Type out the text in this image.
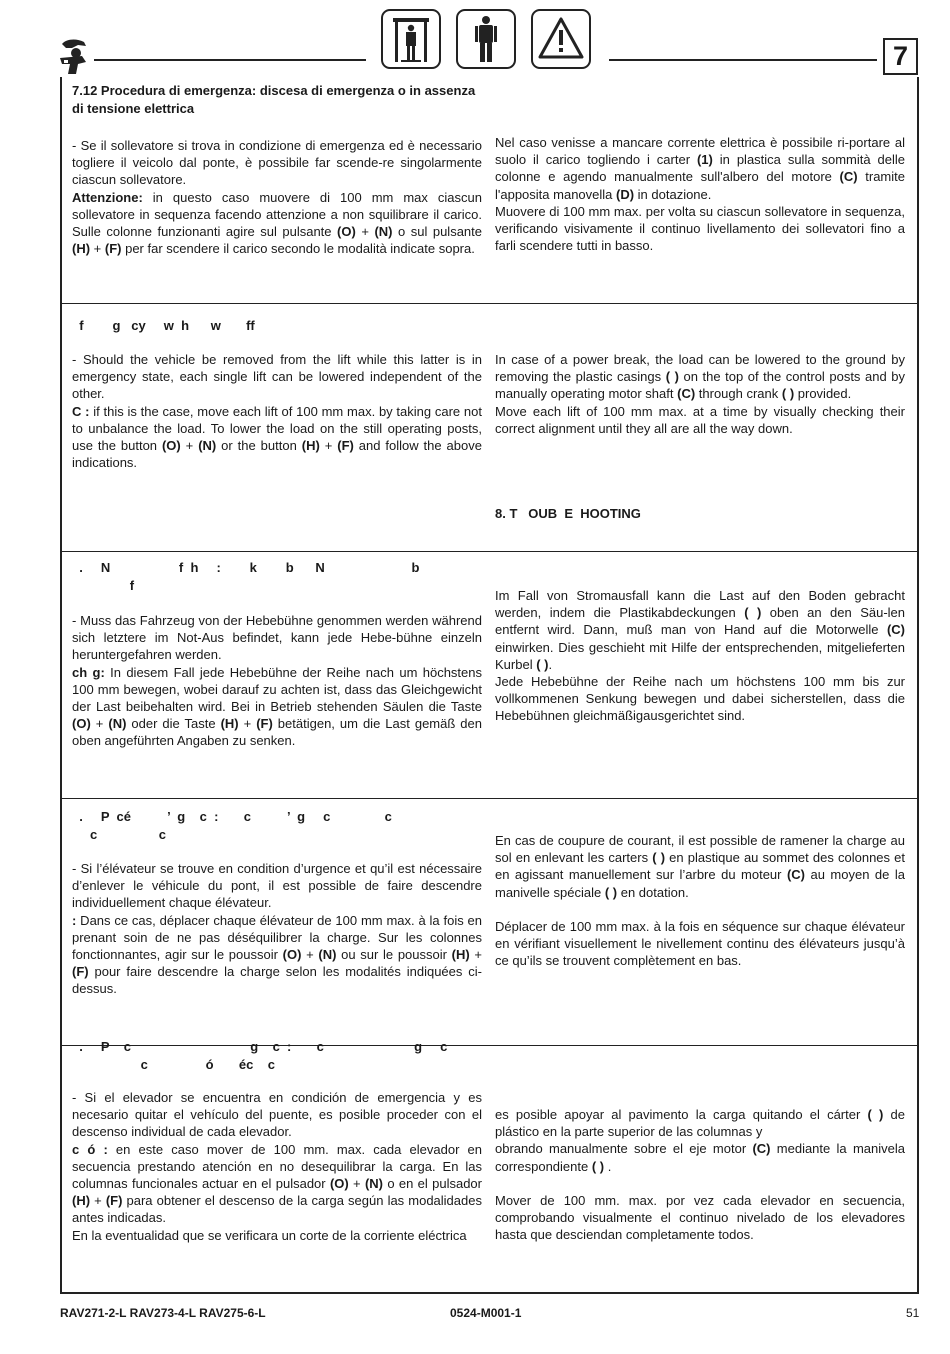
7
7.12 Procedura di emergenza: discesa di emergenza o in assenza di tensione elettrica

- Se il sollevatore si trova in condizione di emergenza ed è necessario togliere il veicolo dal ponte, è possibile far scende-re singolarmente ciascun sollevatore.

Attenzione: in questo caso muovere di 100 mm max ciascun sollevatore in sequenza facendo attenzione a non squilibrare il carico. Sulle colonne funzionanti agire sul pulsante (O) + (N) o sul pulsante (H) + (F) per far scendere il carico secondo le modalità indicate sopra.

Nel caso venisse a mancare corrente elettrica è possibile ri-portare al suolo il carico togliendo i carter (1) in plastica sulla sommità delle colonne e agendo manualmente sull'albero del motore (C) tramite l'apposita manovella (D) in dotazione.

Muovere di 100 mm max. per volta su ciascun sollevatore in sequenza, verificando visivamente il continuo livellamento dei sollevatori fino a farli scendere tutti in basso.

f        g   cy     w  h      w       ff

- Should the vehicle be removed from the lift while this latter is in emergency state, each single lift can be lowered independent of the other.

C : if this is the case, move each lift of 100 mm max. by taking care not to unbalance the load. To lower the load on the still operating posts, use the button (O) + (N) or the button (H) + (F) and follow the above indications.

In case of a power break, the load can be lowered to the ground by removing the plastic casings ( ) on the top of the control posts and by manually operating motor shaft (C) through crank ( ) provided.

Move each lift of 100 mm max. at a time by visually checking their correct alignment until they all are all the way down.

8. T   OUB  E  HOOTING
.     N                   f  h     :        k        b      N                        b
f

- Muss das Fahrzeug von der Hebebühne genommen werden während sich letztere im Not-Aus befindet, kann jede Hebe-bühne einzeln heruntergefahren werden.

ch g: In diesem Fall jede Hebebühne der Reihe nach um höchstens 100 mm bewegen, wobei darauf zu achten ist, dass das Gleichgewicht der Last beibehalten wird. Bei in Betrieb stehenden Säulen die Taste (O) + (N) oder die Taste (H) + (F) betätigen, um die Last gemäß den oben angeführten Angaben zu senken.

Im Fall von Stromausfall kann die Last auf den Boden gebracht werden, indem die Plastikabdeckungen ( ) oben an den Säu-len entfernt wird. Dann, muß man von Hand auf die Motorwelle (C) einwirken. Dies geschieht mit Hilfe der entsprechenden, mitgelieferten Kurbel ( ).

Jede Hebebühne der Reihe nach um höchstens 100 mm bis zur vollkommenen Senkung bewegen und dabei sicherstellen, dass die Hebebühnen gleichmäßigausgerichtet sind.

.     P  cé          ’  g    c  :       c          ’  g     c               c
c                 c

- Si l’élévateur se trouve en condition d’urgence et qu’il est nécessaire d’enlever le véhicule du pont, il est possible de faire descendre individuellement chaque élévateur.

: Dans ce cas, déplacer chaque élévateur de 100 mm max. à la fois en prenant soin de ne pas déséquilibrer la charge. Sur les colonnes fonctionnantes, agir sur le poussoir (O) + (N) ou sur le poussoir (H) + (F) pour faire descendre la charge selon les modalités indiquées ci-dessus.

En cas de coupure de courant, il est possible de ramener la charge au sol en enlevant les carters ( ) en plastique au sommet des colonnes et en agissant manuellement sur l’arbre du moteur (C) au moyen de la manivelle spéciale ( ) en dotation.

Déplacer de 100 mm max. à la fois en séquence sur chaque élévateur en vérifiant visuellement le nivellement continu des élévateurs jusqu’à ce qu’ils se trouvent complètement en bas.

.     P    c                                 g    c  :       c                         g     c
c                ó       éc    c

- Si el elevador se encuentra en condición de emergencia y es necesario quitar el vehículo del puente, es posible proceder con el descenso individual de cada elevador.

c ó : en este caso mover de 100 mm. max. cada elevador en secuencia prestando atención en no desequilibrar la carga. En las columnas funcionales actuar en el pulsador (O) + (N) o en el pulsador (H) + (F) para obtener el descenso de la carga según las modalidades antes indicadas.

En la eventualidad que se verificara un corte de la corriente eléctrica

es posible apoyar al pavimento la carga quitando el cárter ( ) de plástico en la parte superior de las columnas y

obrando manualmente sobre el eje motor (C) mediante la manivela correspondiente ( ) .

Mover de 100 mm. max. por vez cada elevador en secuencia, comprobando visualmente el continuo nivelado de los elevadores hasta que desciendan completamente todos.

RAV271-2-L RAV273-4-L RAV275-6-L	0524-M001-1	51
